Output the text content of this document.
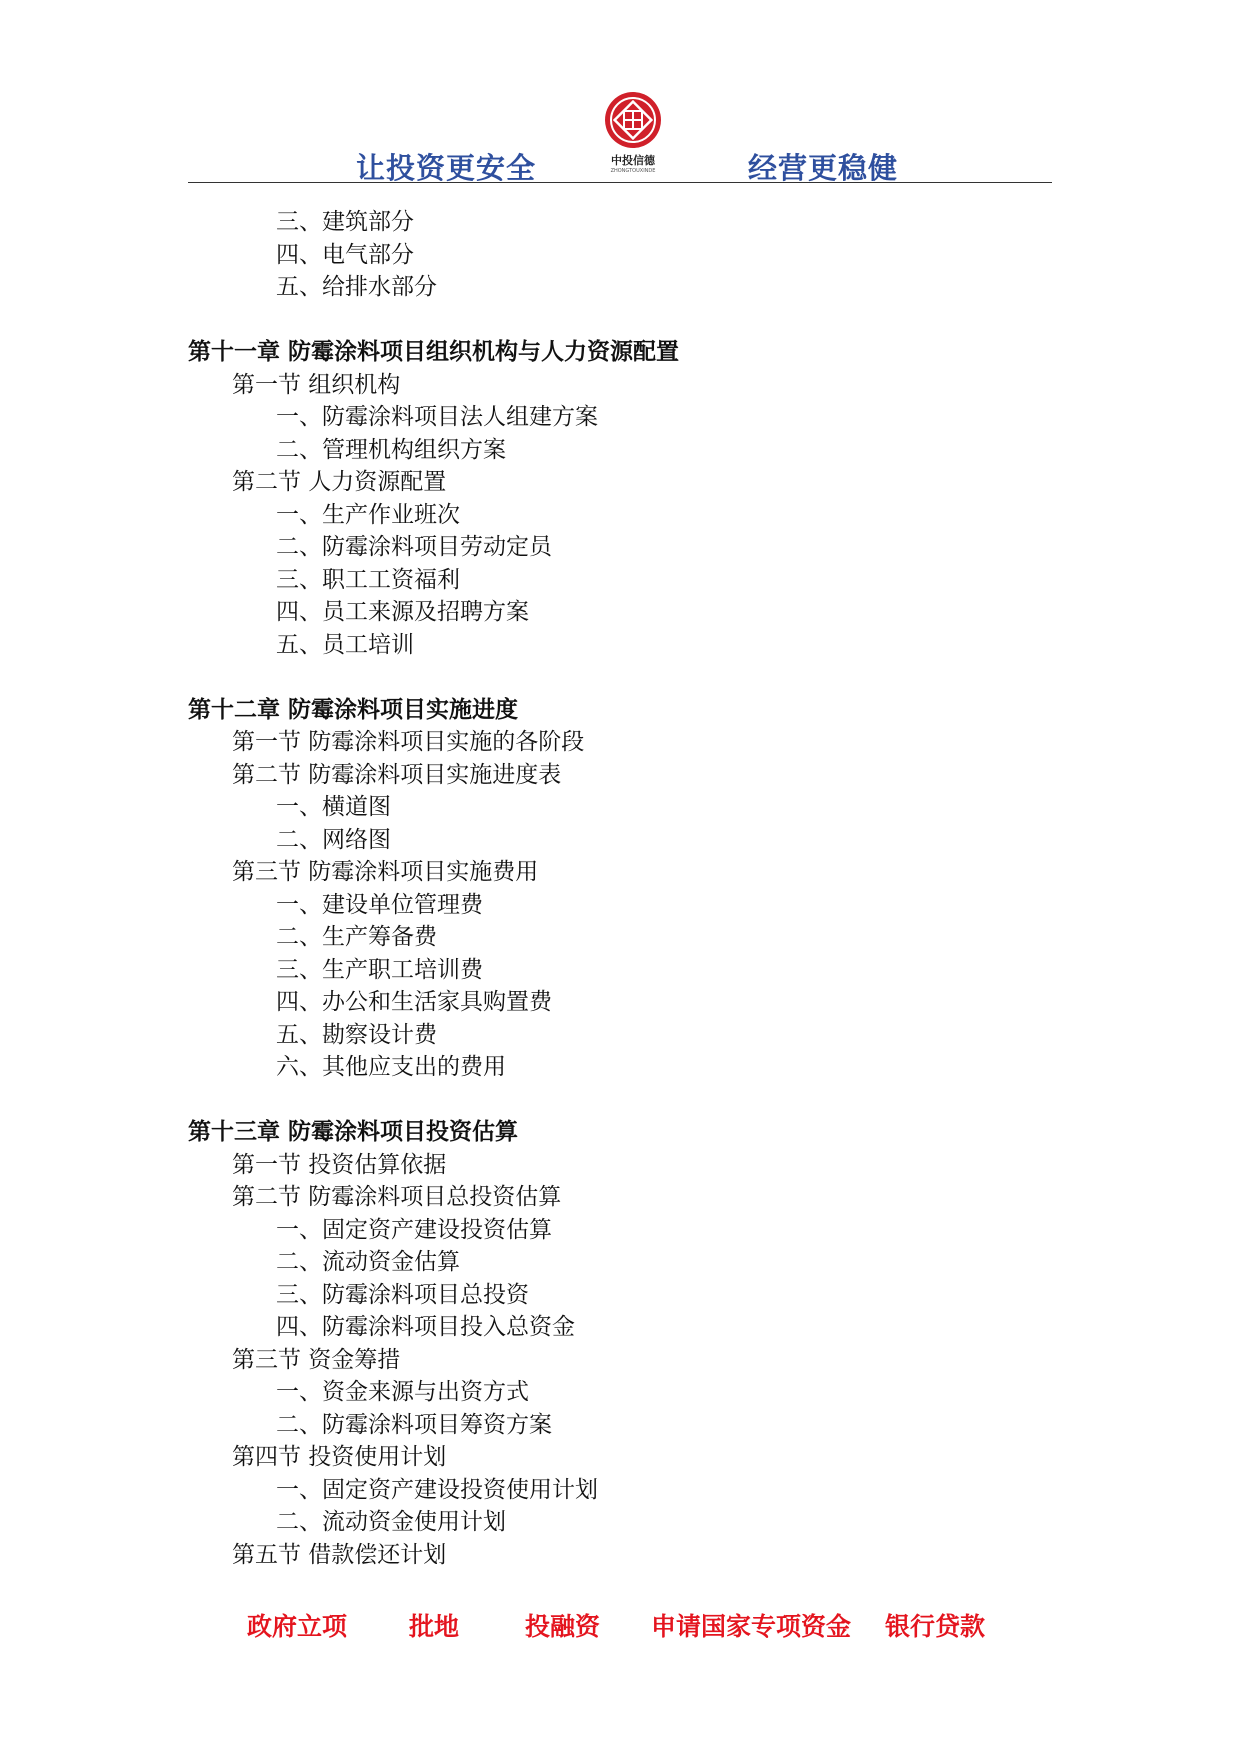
让投资更安全	中投信德
ZHONGTOUXINDE	经营更稳健
三、建筑部分
四、电气部分
五、给排水部分
第十一章 防霉涂料项目组织机构与人力资源配置
第一节 组织机构
一、防霉涂料项目法人组建方案
二、管理机构组织方案
第二节 人力资源配置
一、生产作业班次
二、防霉涂料项目劳动定员
三、职工工资福利
四、员工来源及招聘方案
五、员工培训
第十二章 防霉涂料项目实施进度
第一节 防霉涂料项目实施的各阶段
第二节 防霉涂料项目实施进度表
一、横道图
二、网络图
第三节 防霉涂料项目实施费用
一、建设单位管理费
二、生产筹备费
三、生产职工培训费
四、办公和生活家具购置费
五、勘察设计费
六、其他应支出的费用
第十三章 防霉涂料项目投资估算
第一节 投资估算依据
第二节 防霉涂料项目总投资估算
一、固定资产建设投资估算
二、流动资金估算
三、防霉涂料项目总投资
四、防霉涂料项目投入总资金
第三节 资金筹措
一、资金来源与出资方式
二、防霉涂料项目筹资方案
第四节 投资使用计划
一、固定资产建设投资使用计划
二、流动资金使用计划
第五节 借款偿还计划
政府立项 批地	投融资 申请国家专项资金 银行贷款
